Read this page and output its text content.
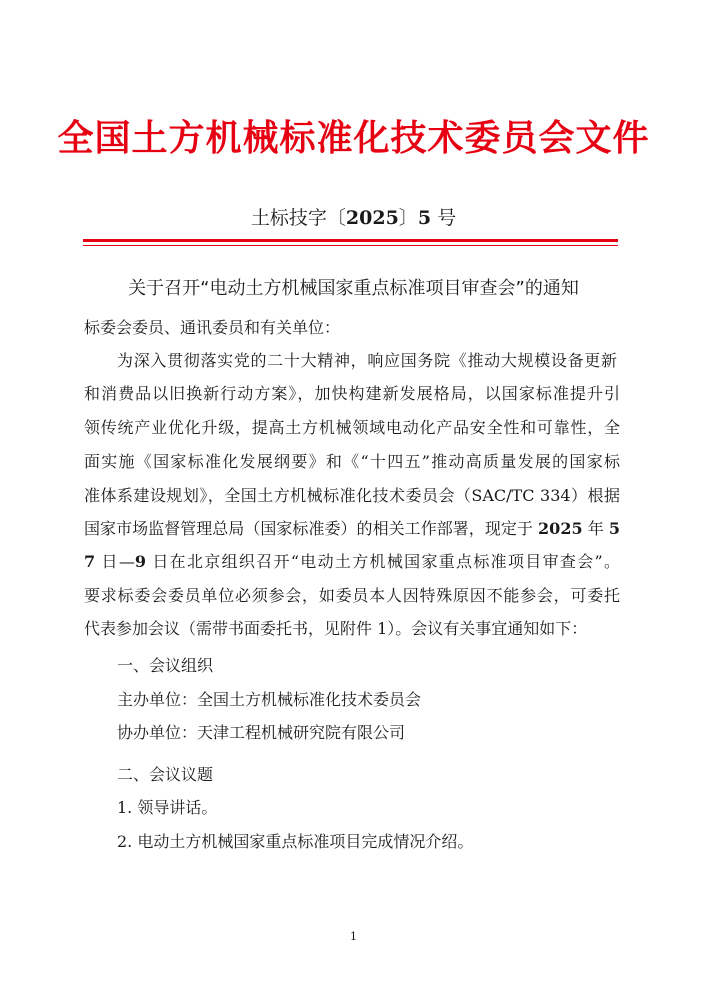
全国土方机械标准化技术委员会文件
土标技字〔2025〕5 号
关于召开“电动土方机械国家重点标准项目审查会”的通知
标委会委员、通讯委员和有关单位：
为深入贯彻落实党的二十大精神，响应国务院《推动大规模设备更新
和消费品以旧换新行动方案》，加快构建新发展格局，以国家标准提升引
领传统产业优化升级，提高土方机械领域电动化产品安全性和可靠性，全
面实施《国家标准化发展纲要》和《“十四五”推动高质量发展的国家标
准体系建设规划》，全国土方机械标准化技术委员会（SAC/TC 334）根据
国家市场监督管理总局（国家标准委）的相关工作部署，现定于 2025 年 5
7 日—9 日在北京组织召开“电动土方机械国家重点标准项目审查会”。
要求标委会委员单位必须参会，如委员本人因特殊原因不能参会，可委托
代表参加会议（需带书面委托书，见附件 1）。会议有关事宜通知如下：
一、会议组织
主办单位：全国土方机械标准化技术委员会
协办单位：天津工程机械研究院有限公司
二、会议议题
1. 领导讲话。
2. 电动土方机械国家重点标准项目完成情况介绍。
1
